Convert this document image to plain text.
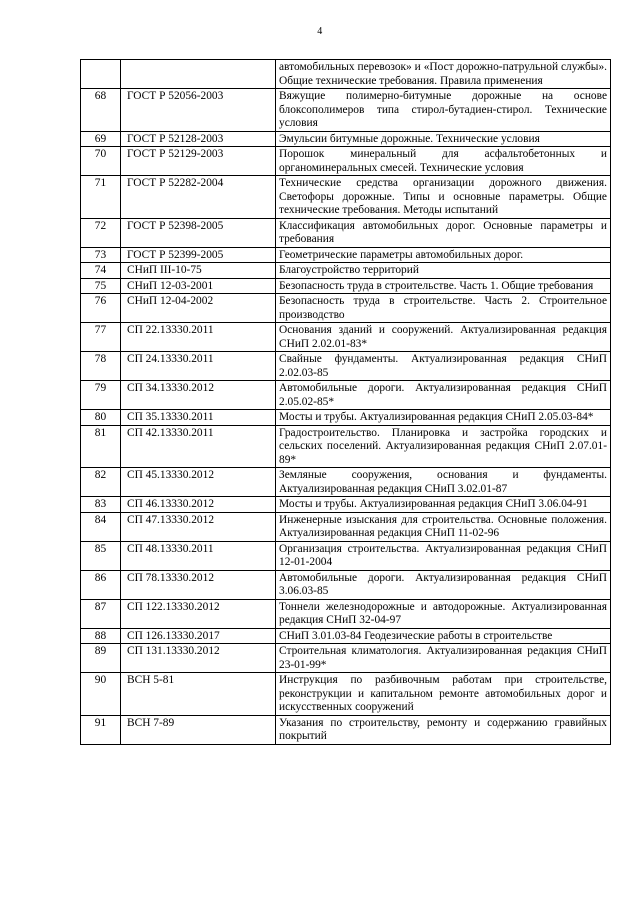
4
		автомобильных перевозок» и «Пост дорожно-патрульной службы». Общие технические требования. Правила применения
68	ГОСТ Р 52056-2003	Вяжущие полимерно-битумные дорожные на основе блоксополимеров типа стирол-бутадиен-стирол. Технические условия
69	ГОСТ Р 52128-2003	Эмульсии битумные дорожные. Технические условия
70	ГОСТ Р 52129-2003	Порошок минеральный для асфальтобетонных и органоминеральных смесей. Технические условия
71	ГОСТ Р 52282-2004	Технические средства организации дорожного движения. Светофоры дорожные. Типы и основные параметры. Общие технические требования. Методы испытаний
72	ГОСТ Р 52398-2005	Классификация автомобильных дорог. Основные параметры и требования
73	ГОСТ Р 52399-2005	Геометрические параметры автомобильных дорог.
74	СНиП III-10-75	Благоустройство территорий
75	СНиП 12-03-2001	Безопасность труда в строительстве. Часть 1. Общие требования
76	СНиП 12-04-2002	Безопасность труда в строительстве. Часть 2. Строительное производство
77	СП 22.13330.2011	Основания зданий и сооружений. Актуализированная редакция СНиП 2.02.01-83*
78	СП 24.13330.2011	Свайные фундаменты. Актуализированная редакция СНиП 2.02.03-85
79	СП 34.13330.2012	Автомобильные дороги. Актуализированная редакция СНиП 2.05.02-85*
80	СП 35.13330.2011	Мосты и трубы. Актуализированная редакция СНиП 2.05.03-84*
81	СП 42.13330.2011	Градостроительство. Планировка и застройка городских и сельских поселений. Актуализированная редакция СНиП 2.07.01-89*
82	СП 45.13330.2012	Земляные сооружения, основания и фундаменты. Актуализированная редакция СНиП 3.02.01-87
83	СП 46.13330.2012	Мосты и трубы. Актуализированная редакция СНиП 3.06.04-91
84	СП 47.13330.2012	Инженерные изыскания для строительства. Основные положения. Актуализированная редакция СНиП 11-02-96
85	СП 48.13330.2011	Организация строительства. Актуализированная редакция СНиП 12-01-2004
86	СП 78.13330.2012	Автомобильные дороги. Актуализированная редакция СНиП 3.06.03-85
87	СП 122.13330.2012	Тоннели железнодорожные и автодорожные. Актуализированная редакция СНиП 32-04-97
88	СП 126.13330.2017	СНиП 3.01.03-84 Геодезические работы в строительстве
89	СП 131.13330.2012	Строительная климатология. Актуализированная редакция СНиП 23-01-99*
90	ВСН 5-81	Инструкция по разбивочным работам при строительстве, реконструкции и капитальном ремонте автомобильных дорог и искусственных сооружений
91	ВСН 7-89	Указания по строительству, ремонту и содержанию гравийных покрытий
